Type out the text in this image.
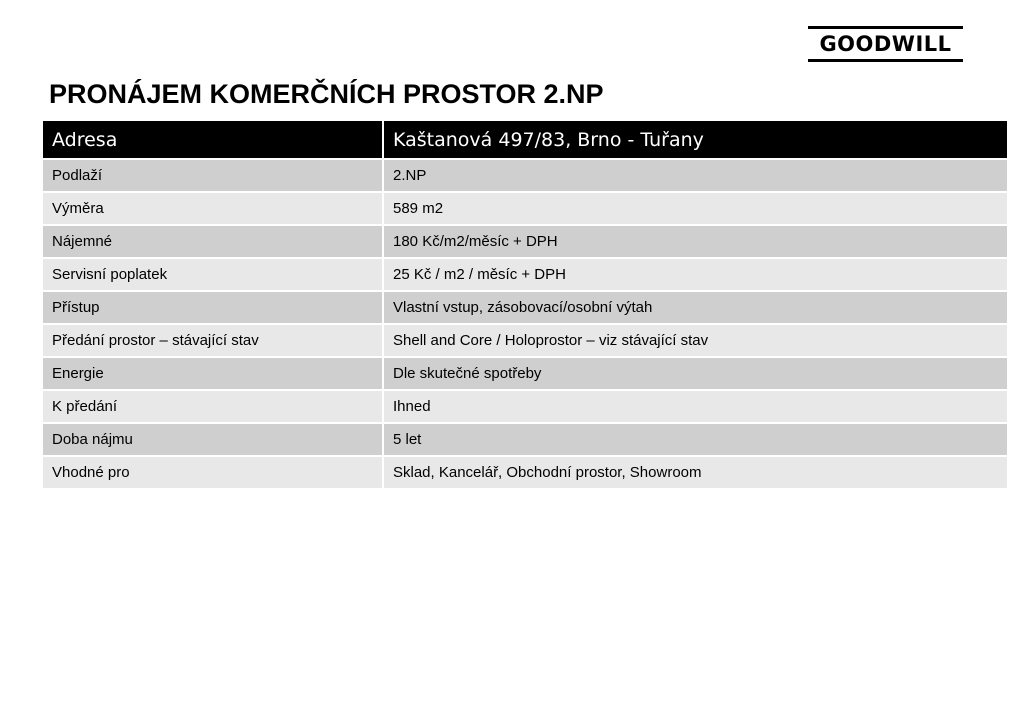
GOODWILL
PRONÁJEM KOMERČNÍCH PROSTOR 2.NP
Adresa	Kaštanová 497/83, Brno - Tuřany
Podlaží	2.NP
Výměra	589 m2
Nájemné	180 Kč/m2/měsíc + DPH
Servisní poplatek	25 Kč / m2 / měsíc + DPH
Přístup	Vlastní vstup, zásobovací/osobní výtah
Předání prostor – stávající stav	Shell and Core / Holoprostor – viz stávající stav
Energie	Dle skutečné spotřeby
K předání	Ihned
Doba nájmu	5 let
Vhodné pro	Sklad, Kancelář, Obchodní prostor, Showroom
